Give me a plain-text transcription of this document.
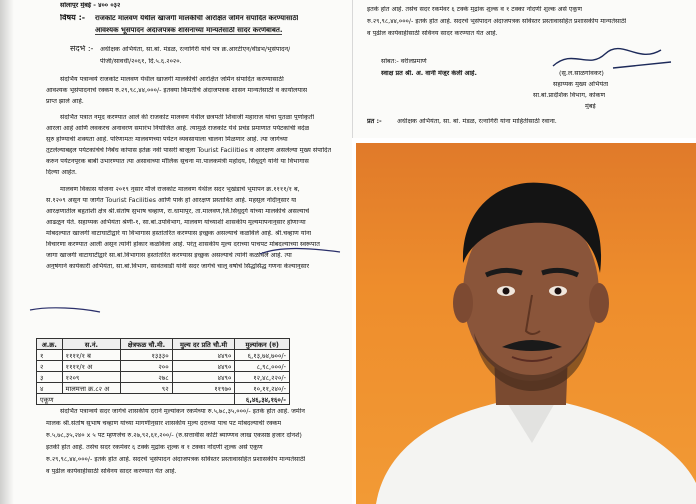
सोलापूर मुंबई - ४०० ०३२
विषय :- राजकोट मालवण येथील खाजगी मालकीची आरक्षित जमिन संपादित करण्यासाठी
आवश्यक भूसंपादन अंदाजपत्रक शासनाच्या मान्यतेसाठी सादर करणेबाबत.
संदर्भ :- अधीक्षक अभियंता, सा.बां. मंडळ, रत्नागिरी यांचे पत्र क्र.आरटीएन/वीडभ/भूसंपादन/
पीजी/सावधी/२०६१, दि.५.६.२०२०.
संदर्भिय पत्रान्वये राजकोट मालवण येथील खाजगी मालकीची आरक्षित जमिन संपादित करण्यासाठी
आवश्यक भूसंपादनाचे रक्कम रु.२९,९८,४४,०००/- इतक्या किंमतीचे अंदाजपत्रक शासन मान्यतेसाठी व कार्यालयास
प्राप्त झाले आहे.
संदर्भित पत्रात नमूद करण्यात आले की राजकोट मालवण येथील छत्रपती शिवाजी महाराज यांचा पुतळा पूर्णाकृती
आरला आहे आणि लवकरच अनावरण समारंभ नियोजित आहे. त्यामुळे राजकोट येथे प्रचंड प्रमाणात पर्यटकांची वर्दळ
सुरु होण्याची शक्यता आहे. परिणामतः मालवणच्या पर्यटन व्यवसायाला चालना मिळणार आहे. त्या जागेच्या
तुटलेल्याबद्दल पर्यटकांचेचे निर्बंध कांपास इतेक्र नवी पासरी बाजूला Tourist Facilities व आरक्षण असलेल्या मुख्य संपादित
करुन पर्यटनपूरक बाबी उभारण्यात त्या असावाच्या मौलिक सूचना मा.पालकमंत्री महोदय, सिंधुदुर्ग यांनी या विभागास
दिल्या आहेत.
मालवण विकास योजना २०१९ नुसार मौजे राजकोट मालवण येथील सदर भूखंडाचे भूमापन क्र.११११/१ ब,
स.१२०९ असून या जागेत Tourist Facilities आणि पार्क हो आरक्षण प्रस्तावित आहे. महसूल नोंदीनुसार या
आरक्षणातील बहुतांशी क्षेत्र श्री.संतोष सुभाष चव्हाण, रा.धामापूर, ता.मालवण,जि.सिंधुदुर्ग यांच्या मालकीचे असल्याचे
आढळून येते. सहाय्यक अभियंता श्रेणी-१, सा.बां.उपविभाग, मालवण यांच्याशी शासकीय मूल्यमापनानुसार होणाऱ्या
मोबदल्यात खाजगी वाटाघाटीद्वारे या विभागास हस्तांतरित करण्यास इच्छुक असल्याचे कळविले आहे. श्री.चव्हाण यांना
विचारणा करण्यात आली असून त्यांनी होकार कळविला आहे. परंतु शासकीय मूल्य दराच्या पाचपट मोबदल्याच्या स्वरूपात
जागा खाजगी वाटाघाटीद्वारे सा.बां.विभागास हस्तांतरित करण्यास इच्छुक असल्याचे त्यांनी कळविले आहे. त्या
अनुषंगाने कार्यकारी अभियंता, सा.बां.विभाग, सावंतवाडी यांनी सदर जागेचे चालू वर्षाचे सिद्धसिद्ध गणना केल्यानुसार
अ.क्र.	स.नं.	क्षेत्रफळ चौ.मी.	मुल्य दर प्रति चौ.मी	मुल्यांकन (रु)
१	११११/१ ब	१३३३०	४४९०	६,१३,७४,७००/-
२	११११/१ अ	२००	४४९०	८,९८,०००/-
३	१२०९	२७८	४४९०	१२,४८,२२०/-
४	मालमत्ता क्र.८२ अ	९२	११९७०	१०,११,२४०/-
एकूण				६,४६,३४,१६०/-
संदर्भित पत्रान्वये सदर जागेचे शासकीय दराने मूल्यांकन रकमेच्या रु.५,७८,३५,०००/- इतके होत आहे. जमीन
मालक श्री.संतोष सुभाष चव्हाण यांच्या मागणीनुसार शासकीय मुल्य दराच्या पाच पट मोबदल्याची रक्कम
रु.५,७८,३५,२४० x ५ पट म्हणजेच रु.२७,९२,६१,२००/- (रु.सत्तावीस कोटी ब्याण्णव लाख एकसष्ठ हजार दोनशे)
इतकी होत आहे. तसेच सदर रकमेवर ६ टक्के मुद्रांक शुल्क व १ टक्का नोंदणी शुल्क असे एकूण
रु.२९,९८,४४,०००/- इतके होत आहे. सदरचे भूसंपादन अंदाजपत्रक सविस्तर प्रस्तावासहित प्रशासकीय मान्यतेसाठी
व पुढील कार्यवाहीसाठी सविनय सादर करण्यात येत आहे.
इतके होत आहे. तसेच सदर रकमेवर ६ टक्के मुद्रांक शुल्क व १ टक्का नोंदणी शुल्क असे एकूण
रु.२९,९८,४४,०००/- इतके होत आहे. सदरचे भूसंपादन अंदाजपत्रक सविस्तर प्रस्तावासहित प्रशासकीय मान्यतेसाठी
व पुढील कार्यवाहीसाठी सविनय सादर करण्यात येत आहे.
सोबत:- वरीलप्रमाणे
स्वाक्ष प्रत श्री. अ. वानी मंजूर केली आहे.	(सु.ल.साळगांवकर)
सहाय्यक मुख्य अभियंता
सा.बां.प्रादेशिक विभाग, कोकण
मुंबई
प्रत :- अधीक्षक अभियंता, सा. बां. मंडळ, रत्नागिरी यांना माहितीसाठी रवाना.
